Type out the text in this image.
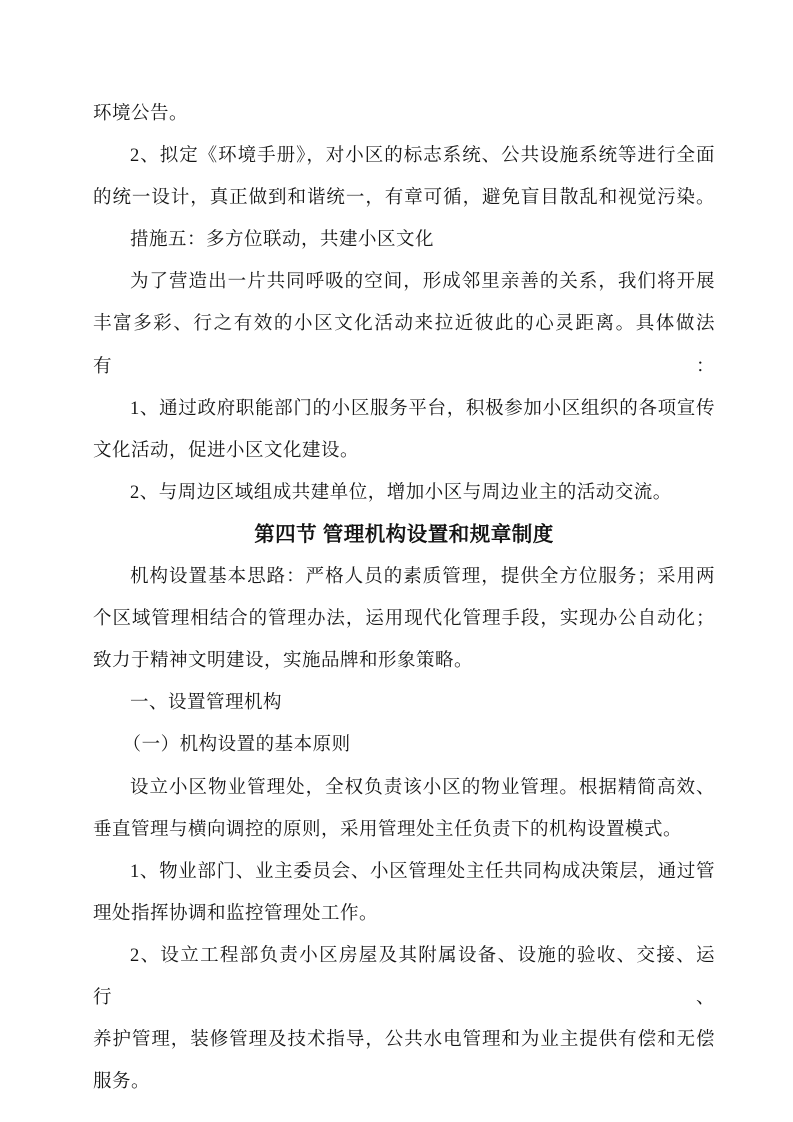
环境公告。

2、拟定《环境手册》，对小区的标志系统、公共设施系统等进行全面

的统一设计，真正做到和谐统一，有章可循，避免盲目散乱和视觉污染。

措施五：多方位联动，共建小区文化

为了营造出一片共同呼吸的空间，形成邻里亲善的关系，我们将开展

丰富多彩、行之有效的小区文化活动来拉近彼此的心灵距离。具体做法有：

1、通过政府职能部门的小区服务平台，积极参加小区组织的各项宣传

文化活动，促进小区文化建设。

2、与周边区域组成共建单位，增加小区与周边业主的活动交流。

第四节 管理机构设置和规章制度

机构设置基本思路：严格人员的素质管理，提供全方位服务；采用两

个区域管理相结合的管理办法，运用现代化管理手段，实现办公自动化；

致力于精神文明建设，实施品牌和形象策略。

一、设置管理机构

（一）机构设置的基本原则

设立小区物业管理处，全权负责该小区的物业管理。根据精简高效、

垂直管理与横向调控的原则，采用管理处主任负责下的机构设置模式。

1、物业部门、业主委员会、小区管理处主任共同构成决策层，通过管

理处指挥协调和监控管理处工作。

2、设立工程部负责小区房屋及其附属设备、设施的验收、交接、运行、

养护管理，装修管理及技术指导，公共水电管理和为业主提供有偿和无偿

服务。
